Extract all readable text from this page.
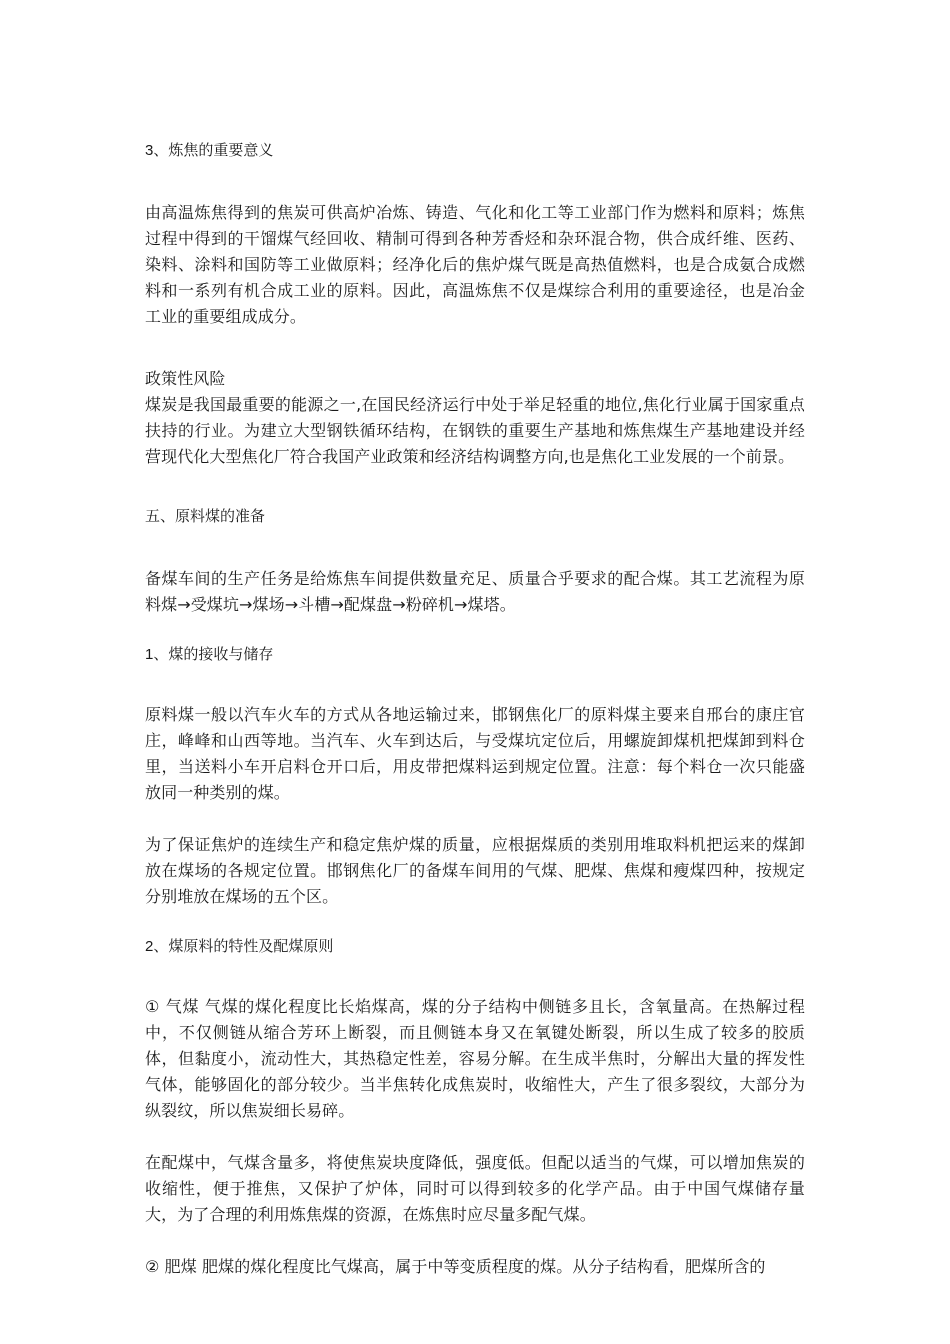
3、炼焦的重要意义

由高温炼焦得到的焦炭可供高炉冶炼、铸造、气化和化工等工业部门作为燃料和原料；炼焦过程中得到的干馏煤气经回收、精制可得到各种芳香烃和杂环混合物，供合成纤维、医药、染料、涂料和国防等工业做原料；经净化后的焦炉煤气既是高热值燃料，也是合成氨合成燃料和一系列有机合成工业的原料。因此，高温炼焦不仅是煤综合利用的重要途径，也是冶金工业的重要组成成分。

政策性风险

煤炭是我国最重要的能源之一,在国民经济运行中处于举足轻重的地位,焦化行业属于国家重点扶持的行业。为建立大型钢铁循环结构，在钢铁的重要生产基地和炼焦煤生产基地建设并经营现代化大型焦化厂符合我国产业政策和经济结构调整方向,也是焦化工业发展的一个前景。

五、原料煤的准备

备煤车间的生产任务是给炼焦车间提供数量充足、质量合乎要求的配合煤。其工艺流程为原料煤→受煤坑→煤场→斗槽→配煤盘→粉碎机→煤塔。

1、煤的接收与储存

原料煤一般以汽车火车的方式从各地运输过来，邯钢焦化厂的原料煤主要来自邢台的康庄官庄，峰峰和山西等地。当汽车、火车到达后，与受煤坑定位后，用螺旋卸煤机把煤卸到料仓里，当送料小车开启料仓开口后，用皮带把煤料运到规定位置。注意：每个料仓一次只能盛放同一种类别的煤。

为了保证焦炉的连续生产和稳定焦炉煤的质量，应根据煤质的类别用堆取料机把运来的煤卸放在煤场的各规定位置。邯钢焦化厂的备煤车间用的气煤、肥煤、焦煤和瘦煤四种，按规定分别堆放在煤场的五个区。

2、煤原料的特性及配煤原则

① 气煤 气煤的煤化程度比长焰煤高，煤的分子结构中侧链多且长，含氧量高。在热解过程中，不仅侧链从缩合芳环上断裂，而且侧链本身又在氧键处断裂，所以生成了较多的胶质体，但黏度小，流动性大，其热稳定性差，容易分解。在生成半焦时，分解出大量的挥发性气体，能够固化的部分较少。当半焦转化成焦炭时，收缩性大，产生了很多裂纹，大部分为纵裂纹，所以焦炭细长易碎。

在配煤中，气煤含量多，将使焦炭块度降低，强度低。但配以适当的气煤，可以增加焦炭的收缩性，便于推焦，又保护了炉体，同时可以得到较多的化学产品。由于中国气煤储存量大，为了合理的利用炼焦煤的资源，在炼焦时应尽量多配气煤。

② 肥煤 肥煤的煤化程度比气煤高，属于中等变质程度的煤。从分子结构看，肥煤所含的
